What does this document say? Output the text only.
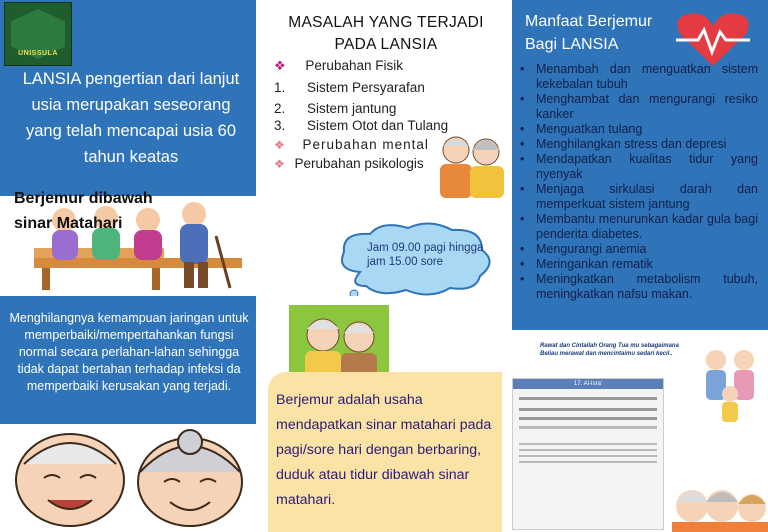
UNISSULA
LANSIA pengertian dari lanjut usia merupakan seseorang yang telah mencapai usia 60 tahun keatas
Menghilangnya kemampuan jaringan untuk memperbaiki/mempertahankan fungsi normal secara perlahan-lahan sehingga tidak dapat bertahan terhadap infeksi da memperbaiki kerusakan yang terjadi.
MASALAH YANG TERJADI
PADA LANSIA
❖ Perubahan Fisik
1. Sistem Persyarafan
2. Sistem jantung
3. Sistem Otot dan Tulang
❖ Perubahan mental
❖ Perubahan psikologis
Berjemur dibawah
sinar Matahari
Jam 09.00 pagi hingga jam 15.00 sore
Berjemur adalah usaha mendapatkan sinar matahari pada pagi/sore hari dengan berbaring, duduk atau tidur dibawah sinar matahari.
Manfaat Berjemur
Bagi LANSIA
• Menambah dan menguatkan sistem kekebalan tubuh
• Menghambat dan mengurangi resiko kanker
• Menguatkan tulang
• Menghilangkan stress dan depresi
• Mendapatkan kualitas tidur yang nyenyak
• Menjaga sirkulasi darah dan memperkuat sistem jantung
• Membantu menurunkan kadar gula bagi penderita diabetes.
• Mengurangi anemia
• Meringankan rematik
• Meningkatkan metabolism tubuh, meningkatkan nafsu makan.
Rawat dan Cintailah Orang Tua mu sebagaimana Beliau merawat dan mencintaimu sedari kecil..
17. Al-Isra'
